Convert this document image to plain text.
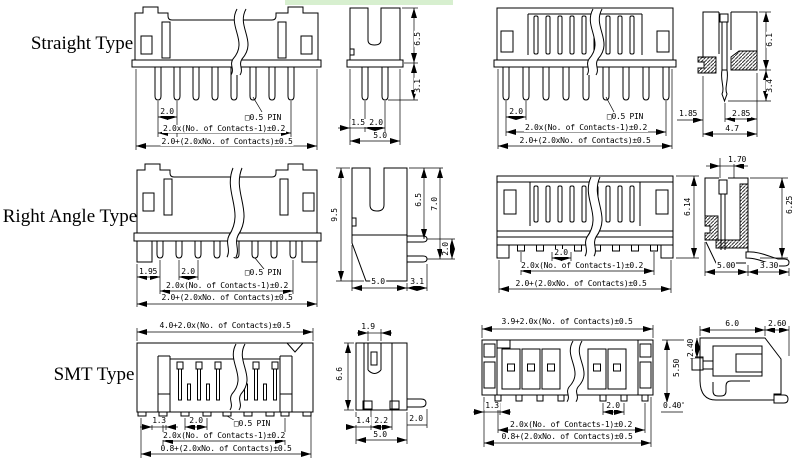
Straight Type
Right Angle Type
SMT Type
2.0
□0.5 PIN
2.0x(No. of Contacts-1)±0.2
2.0+(2.0xNo. of Contacts)±0.5
6.5
3.1
1.5 2.0
5.0
2.0
□0.5 PIN
2.0x(No. of Contacts-1)±0.2
2.0+(2.0xNo. of Contacts)±0.5
1.85
6.1
3.4
2.85
4.7
1.95	2.0	□0.5 PIN
2.0x(No. of Contacts-1)±0.2
2.0+(2.0xNo. of Contacts)±0.5
9.5
6.5 7.0
2.0
5.0	3.1
2.0
2.0x(No. of Contacts-1)±0.2
2.0+(2.0xNo. of Contacts)±0.5
6.14
1.70
6.25
5.00	3.30
4.0+2.0x(No. of Contacts)±0.5
1.3	2.0	□0.5 PIN
2.0x(No. of Contacts-1)±0.2
0.8+(2.0xNo. of Contacts)±0.5
1.9
6.6
1.4 2.2	2.0
5.0
3.9+2.0x(No. of Contacts)±0.5
1.3	2.0	0.40
2.0x(No. of Contacts-1)±0.2
0.8+(2.0xNo. of Contacts)±0.5
5.50
2.40
6.0	2.60
